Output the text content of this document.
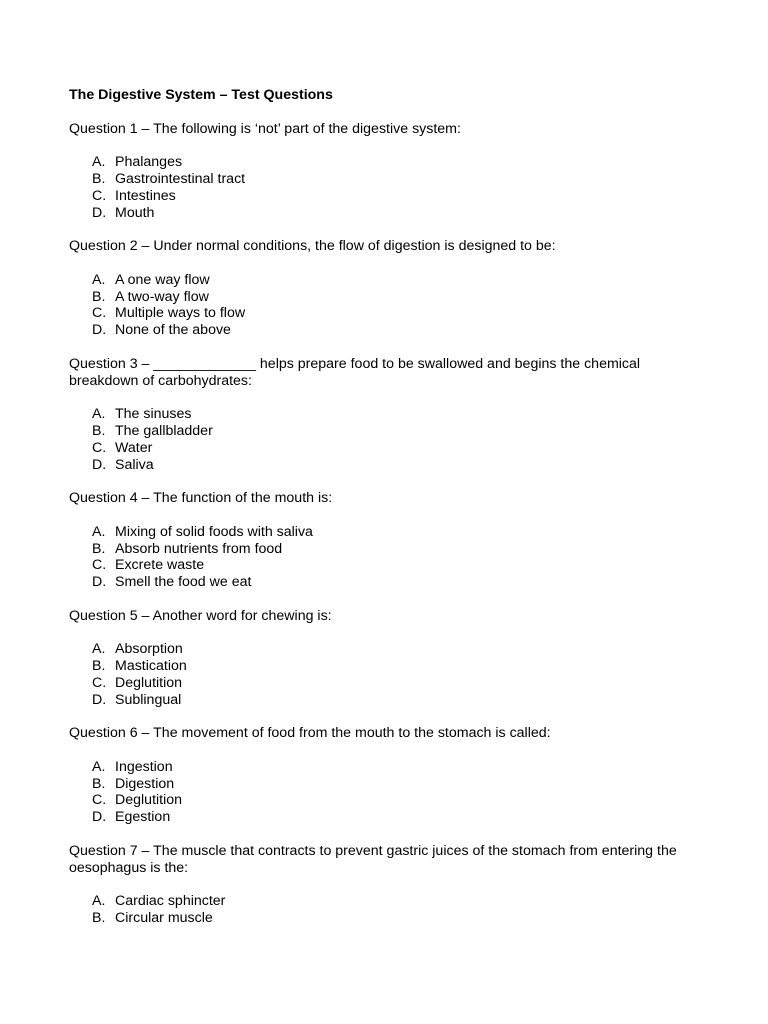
The Digestive System – Test Questions

Question 1 – The following is ‘not’ part of the digestive system:

A. Phalanges
B. Gastrointestinal tract
C. Intestines
D. Mouth

Question 2 – Under normal conditions, the flow of digestion is designed to be:

A. A one way flow
B. A two-way flow
C. Multiple ways to flow
D. None of the above

Question 3 – _____________ helps prepare food to be swallowed and begins the chemical breakdown of carbohydrates:

A. The sinuses
B. The gallbladder
C. Water
D. Saliva

Question 4 – The function of the mouth is:

A. Mixing of solid foods with saliva
B. Absorb nutrients from food
C. Excrete waste
D. Smell the food we eat

Question 5 – Another word for chewing is:

A. Absorption
B. Mastication
C. Deglutition
D. Sublingual

Question 6 – The movement of food from the mouth to the stomach is called:

A. Ingestion
B. Digestion
C. Deglutition
D. Egestion

Question 7 – The muscle that contracts to prevent gastric juices of the stomach from entering the oesophagus is the:

A. Cardiac sphincter
B. Circular muscle
